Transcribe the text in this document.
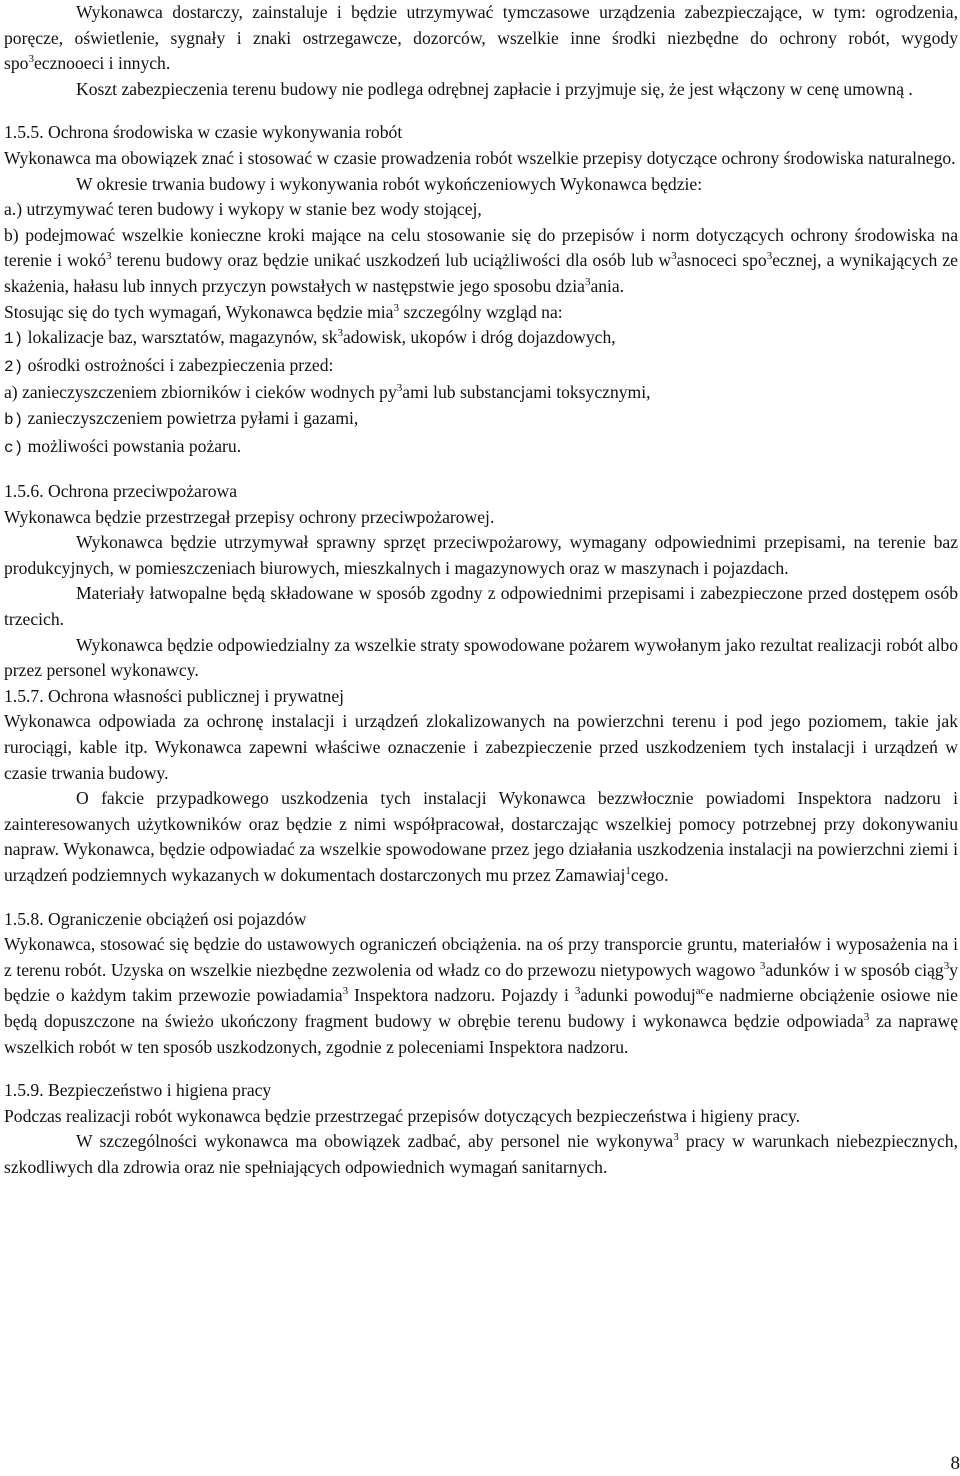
Wykonawca dostarczy, zainstaluje i będzie utrzymywać tymczasowe urządzenia zabezpieczające, w tym: ogrodzenia, poręcze, oświetlenie, sygnały i znaki ostrzegawcze, dozorców, wszelkie inne środki niezbędne do ochrony robót, wygody spo$^3$ecznooeci i innych.

Koszt zabezpieczenia terenu budowy nie podlega odrębnej zapłacie i przyjmuje się, że jest włączony w cenę umowną .

1.5.5. Ochrona środowiska w czasie wykonywania robót

Wykonawca ma obowiązek znać i stosować w czasie prowadzenia robót wszelkie przepisy dotyczące ochrony środowiska naturalnego.

W okresie trwania budowy i wykonywania robót wykończeniowych Wykonawca będzie:

a.) utrzymywać teren budowy i wykopy w stanie bez wody stojącej,

b) podejmować wszelkie konieczne kroki mające na celu stosowanie się do przepisów i norm dotyczących ochrony środowiska na terenie i wokó$^3$ terenu budowy oraz będzie unikać uszkodzeń lub uciążliwości dla osób lub $w^3asnoceci$ spo$^3$ecznej, a wynikających ze skażenia, hałasu lub innych przyczyn powstałych w następstwie jego sposobu dzia$^3$ania.

Stosując się do tych wymagań, Wykonawca będzie mia$^3$ szczególny wzgląd na:

1) lokalizacje baz, warsztatów, magazynów, $sk^3adowisk$, ukopów i dróg dojazdowych,

2) ośrodki ostrożności i zabezpieczenia przed:

a) zanieczyszczeniem zbiorników i cieków wodnych $py^3ami$ lub substancjami toksycznymi,

b) zanieczyszczeniem powietrza pyłami i gazami,

c) możliwości powstania pożaru.

1.5.6. Ochrona przeciwpożarowa

Wykonawca będzie przestrzegał przepisy ochrony przeciwpożarowej.

Wykonawca będzie utrzymywał sprawny sprzęt przeciwpożarowy, wymagany odpowiednimi przepisami, na terenie baz produkcyjnych, w pomieszczeniach biurowych, mieszkalnych i magazynowych oraz w maszynach i pojazdach.

Materiały łatwopalne będą składowane w sposób zgodny z odpowiednimi przepisami i zabezpieczone przed dostępem osób trzecich.

Wykonawca będzie odpowiedzialny za wszelkie straty spowodowane pożarem wywołanym jako rezultat realizacji robót albo przez personel wykonawcy.

1.5.7. Ochrona własności publicznej i prywatnej

Wykonawca odpowiada za ochronę instalacji i urządzeń zlokalizowanych na powierzchni terenu i pod jego poziomem, takie jak rurociągi, kable itp. Wykonawca zapewni właściwe oznaczenie i zabezpieczenie przed uszkodzeniem tych instalacji i urządzeń w czasie trwania budowy.

O fakcie przypadkowego uszkodzenia tych instalacji Wykonawca bezzwłocznie powiadomi Inspektora nadzoru i zainteresowanych użytkowników oraz będzie z nimi współpracował, dostarczając wszelkiej pomocy potrzebnej przy dokonywaniu napraw. Wykonawca, będzie odpowiadać za wszelkie spowodowane przez jego działania uszkodzenia instalacji na powierzchni ziemi i urządzeń podziemnych wykazanych w dokumentach dostarczonych mu przez Zamawiaj$^1$cego.

1.5.8. Ograniczenie obciążeń osi pojazdów

Wykonawca, stosować się będzie do ustawowych ograniczeń obciążenia. na oś przy transporcie gruntu, materiałów i wyposażenia na i z terenu robót. Uzyska on wszelkie niezbędne zezwolenia od władz co do przewozu nietypowych wagowo $^3$adunków i w sposób ciąg$^3$y będzie o każdym takim przewozie powiadamia$^3$ Inspektora nadzoru. Pojazdy i $^3$adunki powoduj$^{ac}$e nadmierne obciążenie osiowe nie będą dopuszczone na świeżo ukończony fragment budowy w obrębie terenu budowy i wykonawca będzie odpowiada$^3$ za naprawę wszelkich robót w ten sposób uszkodzonych, zgodnie z poleceniami Inspektora nadzoru.

1.5.9. Bezpieczeństwo i higiena pracy

Podczas realizacji robót wykonawca będzie przestrzegać przepisów dotyczących bezpieczeństwa i higieny pracy.

W szczególności wykonawca ma obowiązek zadbać, aby personel nie wykonywa$^3$ pracy w warunkach niebezpiecznych, szkodliwych dla zdrowia oraz nie spełniających odpowiednich wymagań sanitarnych.

8
